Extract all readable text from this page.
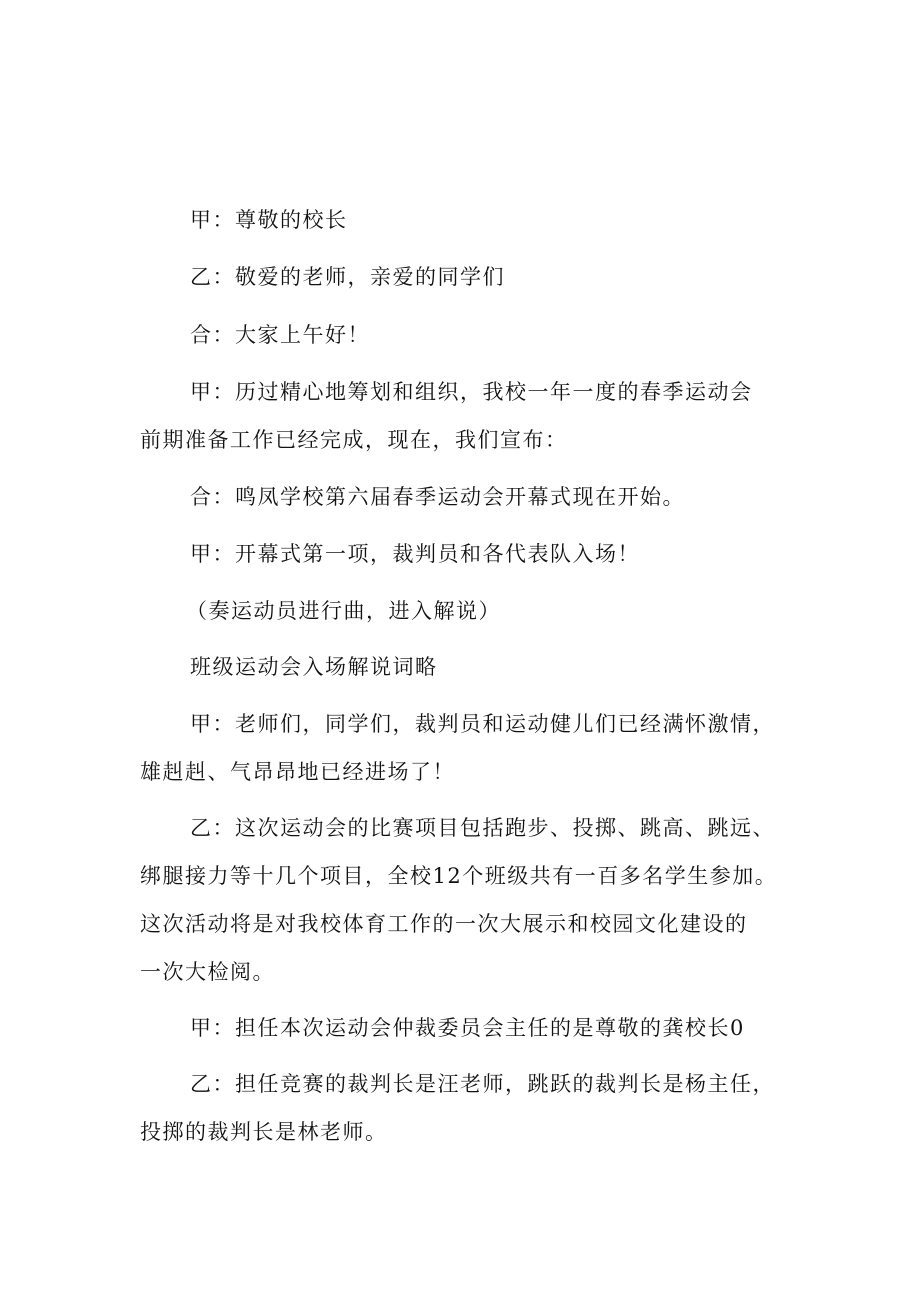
甲：尊敬的校长
乙：敬爱的老师，亲爱的同学们
合：大家上午好！
甲：历过精心地筹划和组织，我校一年一度的春季运动会
前期准备工作已经完成，现在，我们宣布：
合：鸣凤学校第六届春季运动会开幕式现在开始。
甲：开幕式第一项，裁判员和各代表队入场！
（奏运动员进行曲，进入解说）
班级运动会入场解说词略
甲：老师们，同学们，裁判员和运动健儿们已经满怀激情，
雄赳赳、气昂昂地已经进场了！
乙：这次运动会的比赛项目包括跑步、投掷、跳高、跳远、
绑腿接力等十几个项目，全校12个班级共有一百多名学生参加。
这次活动将是对我校体育工作的一次大展示和校园文化建设的
一次大检阅。
甲：担任本次运动会仲裁委员会主任的是尊敬的龚校长0
乙：担任竞赛的裁判长是汪老师，跳跃的裁判长是杨主任，
投掷的裁判长是林老师。
